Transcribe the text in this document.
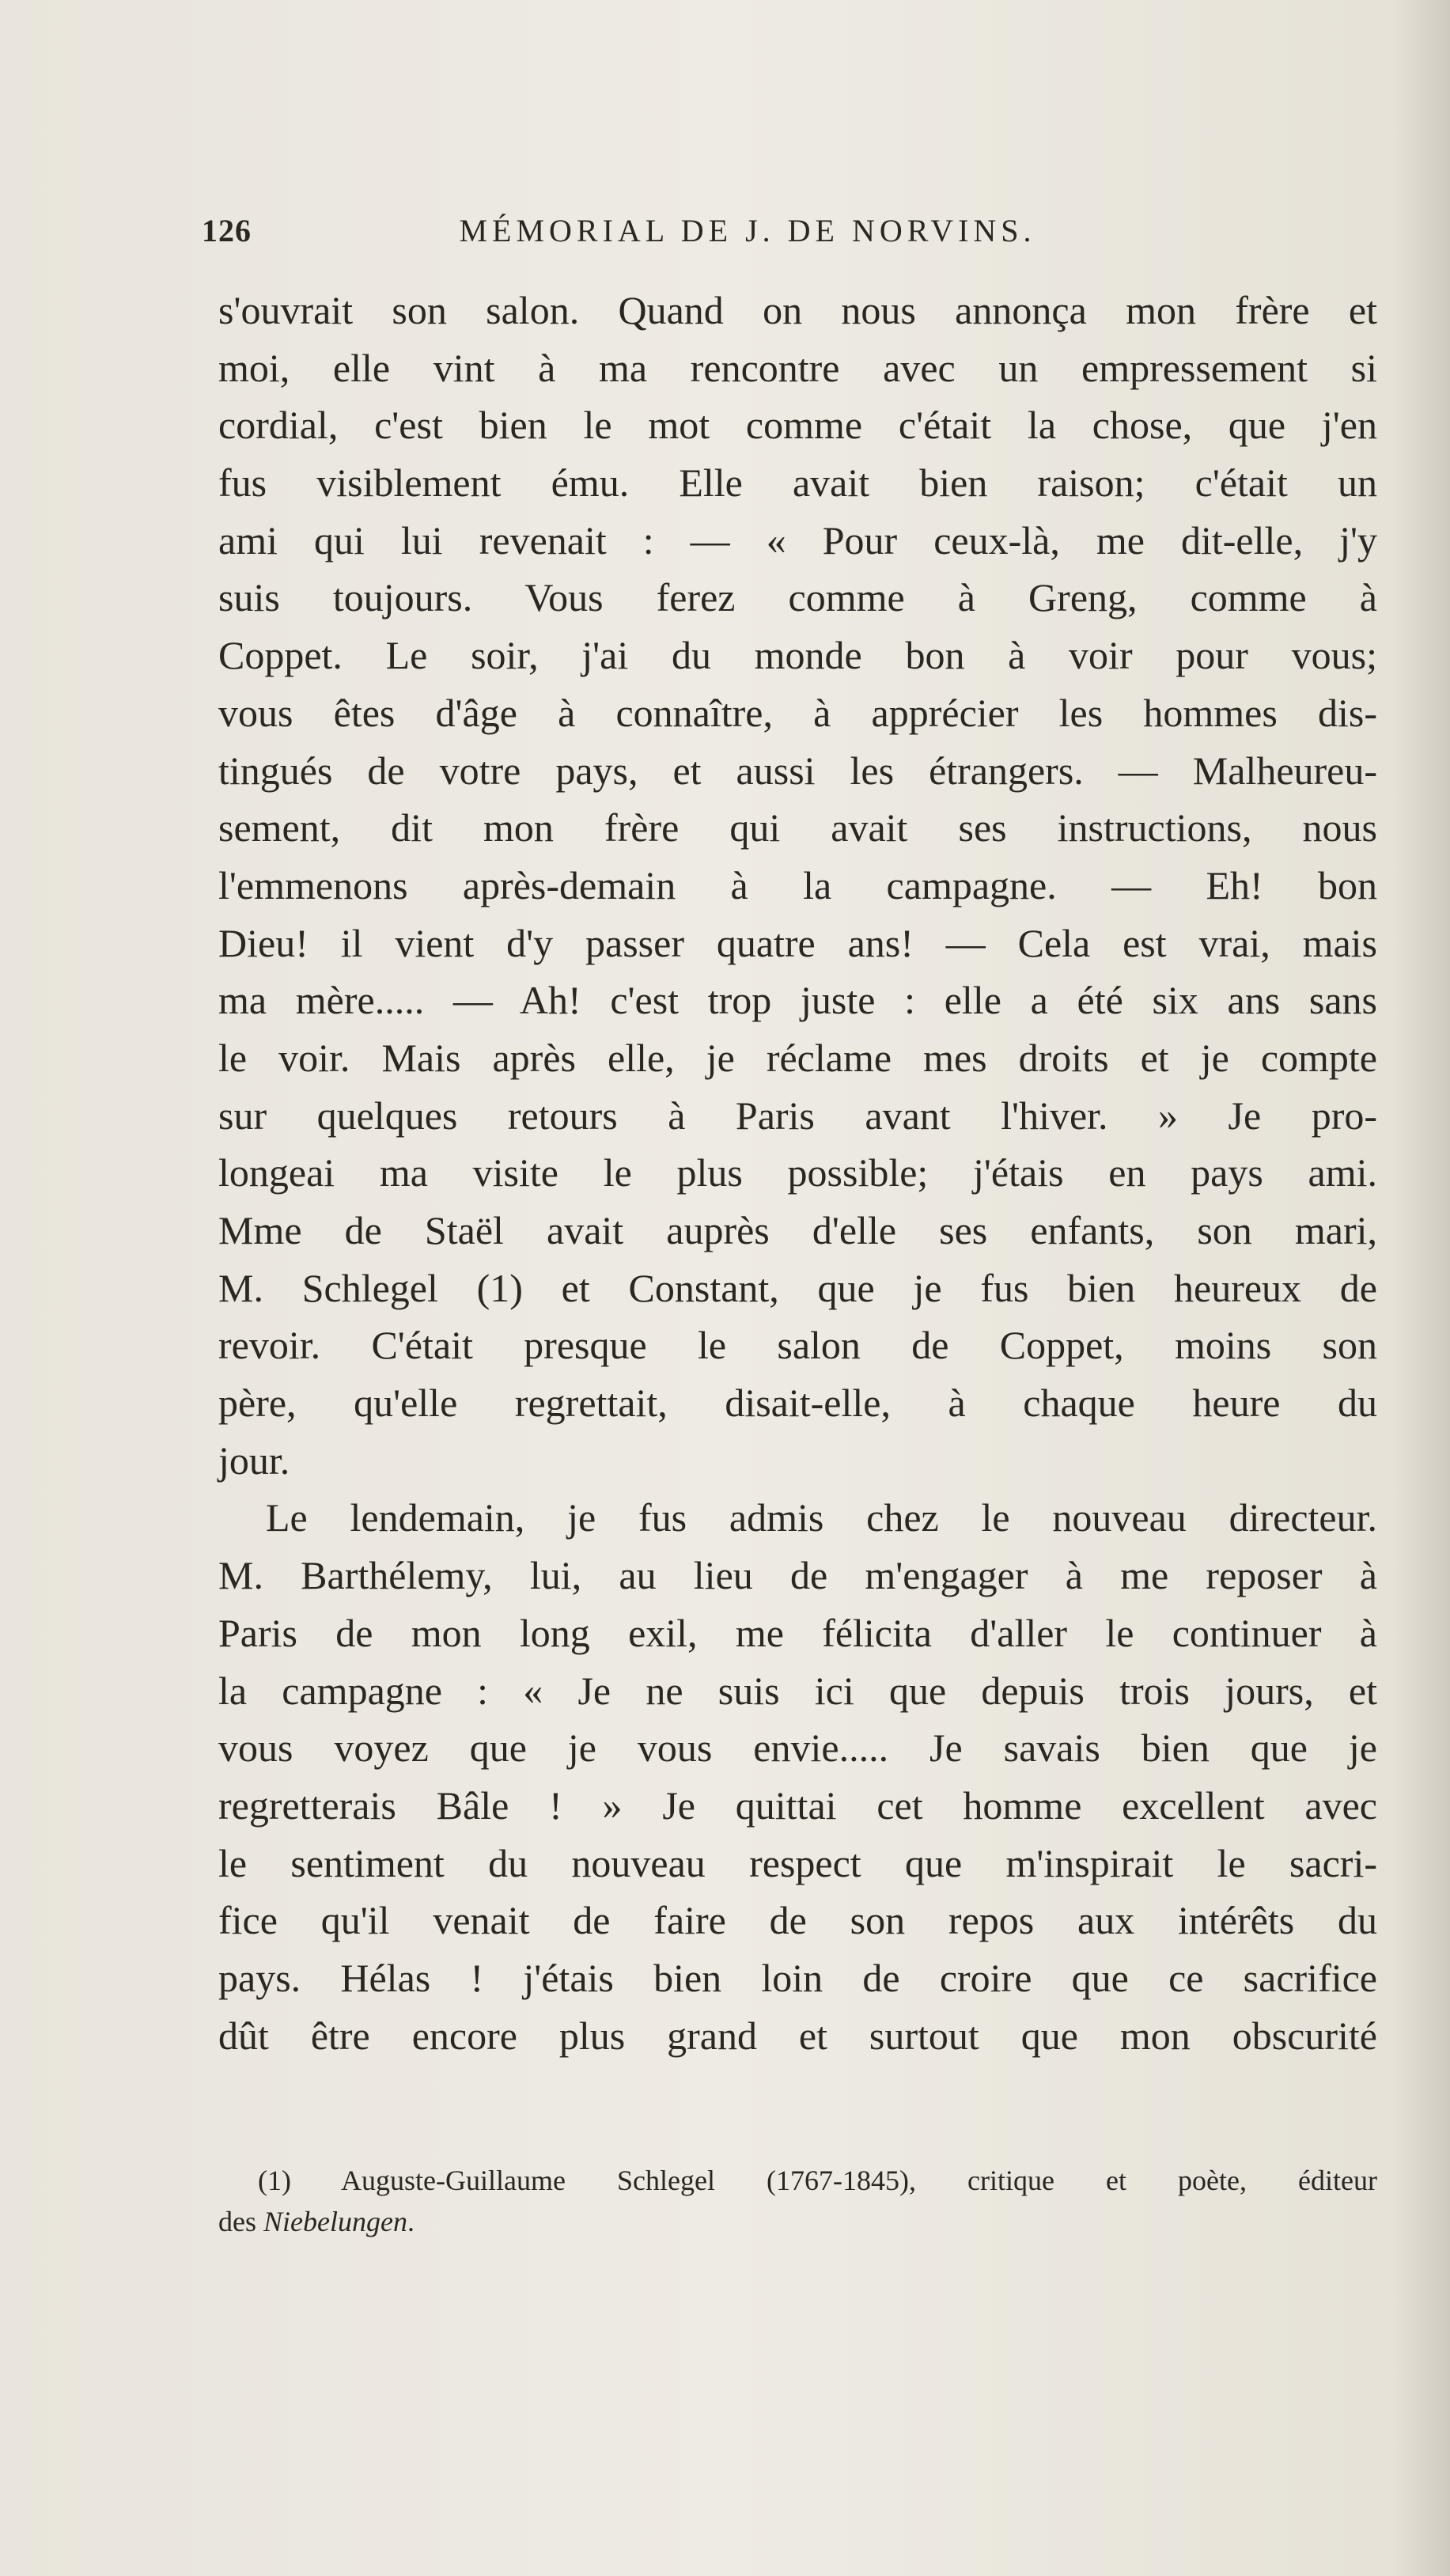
126	MÉMORIAL DE J. DE NORVINS.
s'ouvrait son salon. Quand on nous annonça mon frère et
moi, elle vint à ma rencontre avec un empressement si
cordial, c'est bien le mot comme c'était la chose, que j'en
fus visiblement ému. Elle avait bien raison; c'était un
ami qui lui revenait : — « Pour ceux-là, me dit-elle, j'y
suis toujours. Vous ferez comme à Greng, comme à
Coppet. Le soir, j'ai du monde bon à voir pour vous;
vous êtes d'âge à connaître, à apprécier les hommes dis-
tingués de votre pays, et aussi les étrangers. — Malheureu-
sement, dit mon frère qui avait ses instructions, nous
l'emmenons après-demain à la campagne. — Eh! bon
Dieu! il vient d'y passer quatre ans! — Cela est vrai, mais
ma mère..... — Ah! c'est trop juste : elle a été six ans sans
le voir. Mais après elle, je réclame mes droits et je compte
sur quelques retours à Paris avant l'hiver. » Je pro-
longeai ma visite le plus possible; j'étais en pays ami.
Mme de Staël avait auprès d'elle ses enfants, son mari,
M. Schlegel (1) et Constant, que je fus bien heureux de
revoir. C'était presque le salon de Coppet, moins son
père, qu'elle regrettait, disait-elle, à chaque heure du
jour.
Le lendemain, je fus admis chez le nouveau directeur.
M. Barthélemy, lui, au lieu de m'engager à me reposer à
Paris de mon long exil, me félicita d'aller le continuer à
la campagne : « Je ne suis ici que depuis trois jours, et
vous voyez que je vous envie..... Je savais bien que je
regretterais Bâle ! » Je quittai cet homme excellent avec
le sentiment du nouveau respect que m'inspirait le sacri-
fice qu'il venait de faire de son repos aux intérêts du
pays. Hélas ! j'étais bien loin de croire que ce sacrifice
dût être encore plus grand et surtout que mon obscurité
(1) Auguste-Guillaume Schlegel (1767-1845), critique et poète, éditeur
des Niebelungen.
